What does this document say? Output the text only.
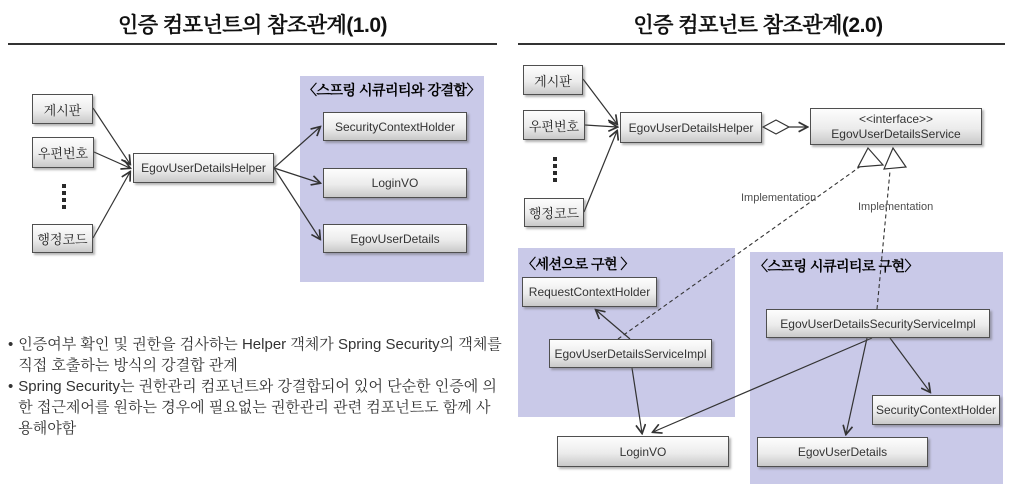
인증 컴포넌트의 참조관계(1.0)	인증 컴포넌트 참조관계(2.0)
〈스프링 시큐리티와 강결합〉
〈세션으로 구현 〉	〈스프링 시큐리티로 구현〉
게시판
우편번호
행정코드
EgovUserDetailsHelper
SecurityContextHolder
LoginVO
EgovUserDetails
• 인증여부 확인 및 권한을 검사하는 Helper 객체가 Spring Security의 객체를 직접 호출하는 방식의 강결합 관계
• Spring Security는 권한관리 컴포넌트와 강결합되어 있어 단순한 인증에 의한 접근제어를 원하는 경우에 필요없는 권한관리 관련 컴포넌트도 함께 사용해야함
게시판
우편번호
행정코드
EgovUserDetailsHelper
<<interface>>
EgovUserDetailsService
Implementation
Implementation
RequestContextHolder
EgovUserDetailsServiceImpl
EgovUserDetailsSecurityServiceImpl
SecurityContextHolder
EgovUserDetails
LoginVO
